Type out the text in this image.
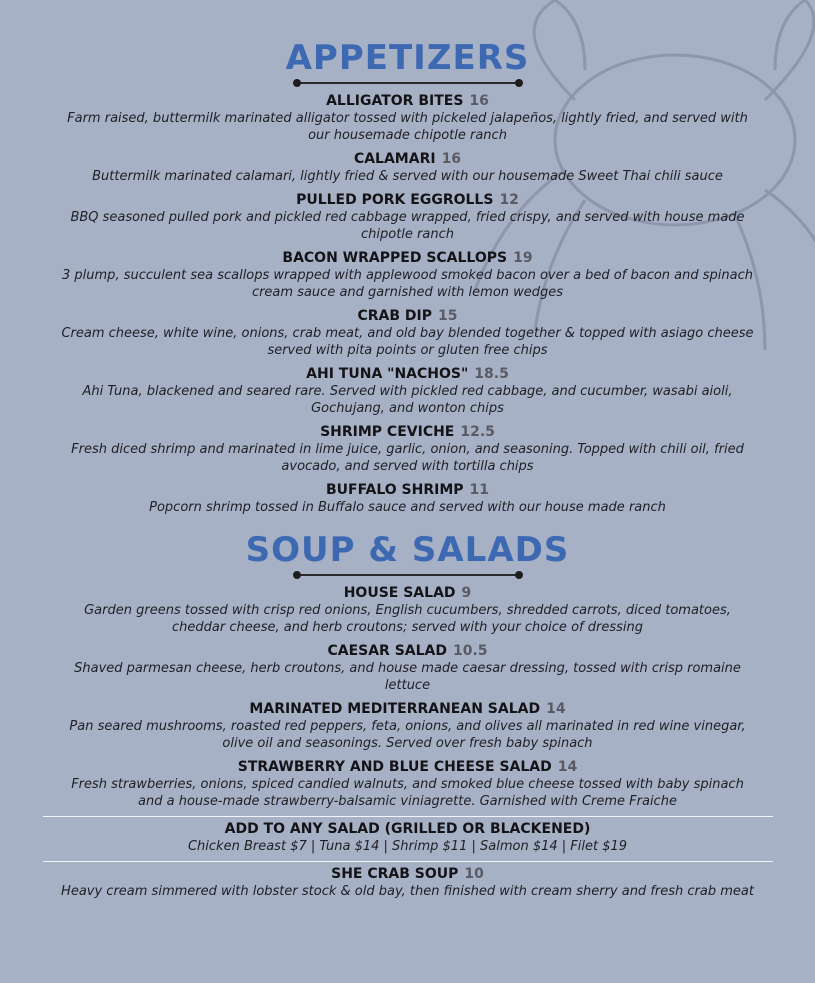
APPETIZERS
ALLIGATOR BITES 16
Farm raised, buttermilk marinated alligator tossed with pickeled jalapeños, lightly fried, and served with our housemade chipotle ranch
CALAMARI 16
Buttermilk marinated calamari, lightly fried & served with our housemade Sweet Thai chili sauce
PULLED PORK EGGROLLS 12
BBQ seasoned pulled pork and pickled red cabbage wrapped, fried crispy, and served with house made chipotle ranch
BACON WRAPPED SCALLOPS 19
3 plump, succulent sea scallops wrapped with applewood smoked bacon over a bed of bacon and spinach cream sauce and garnished with lemon wedges
CRAB DIP 15
Cream cheese, white wine, onions, crab meat, and old bay blended together & topped with asiago cheese served with pita points or gluten free chips
AHI TUNA "NACHOS" 18.5
Ahi Tuna, blackened and seared rare. Served with pickled red cabbage, and cucumber, wasabi aioli, Gochujang, and wonton chips
SHRIMP CEVICHE 12.5
Fresh diced shrimp and marinated in lime juice, garlic, onion, and seasoning. Topped with chili oil, fried avocado, and served with tortilla chips
BUFFALO SHRIMP 11
Popcorn shrimp tossed in Buffalo sauce and served with our house made ranch
SOUP & SALADS
HOUSE SALAD 9
Garden greens tossed with crisp red onions, English cucumbers, shredded carrots, diced tomatoes, cheddar cheese, and herb croutons; served with your choice of dressing
CAESAR SALAD 10.5
Shaved parmesan cheese, herb croutons, and house made caesar dressing, tossed with crisp romaine lettuce
MARINATED MEDITERRANEAN SALAD 14
Pan seared mushrooms, roasted red peppers, feta, onions, and olives all marinated in red wine vinegar, olive oil and seasonings. Served over fresh baby spinach
STRAWBERRY AND BLUE CHEESE SALAD 14
Fresh strawberries, onions, spiced candied walnuts, and smoked blue cheese tossed with baby spinach and a house-made strawberry-balsamic viniagrette. Garnished with Creme Fraiche
ADD TO ANY SALAD (GRILLED OR BLACKENED)
Chicken Breast $7 | Tuna $14 | Shrimp $11 | Salmon $14 | Filet $19
SHE CRAB SOUP 10
Heavy cream simmered with lobster stock & old bay, then finished with cream sherry and fresh crab meat
